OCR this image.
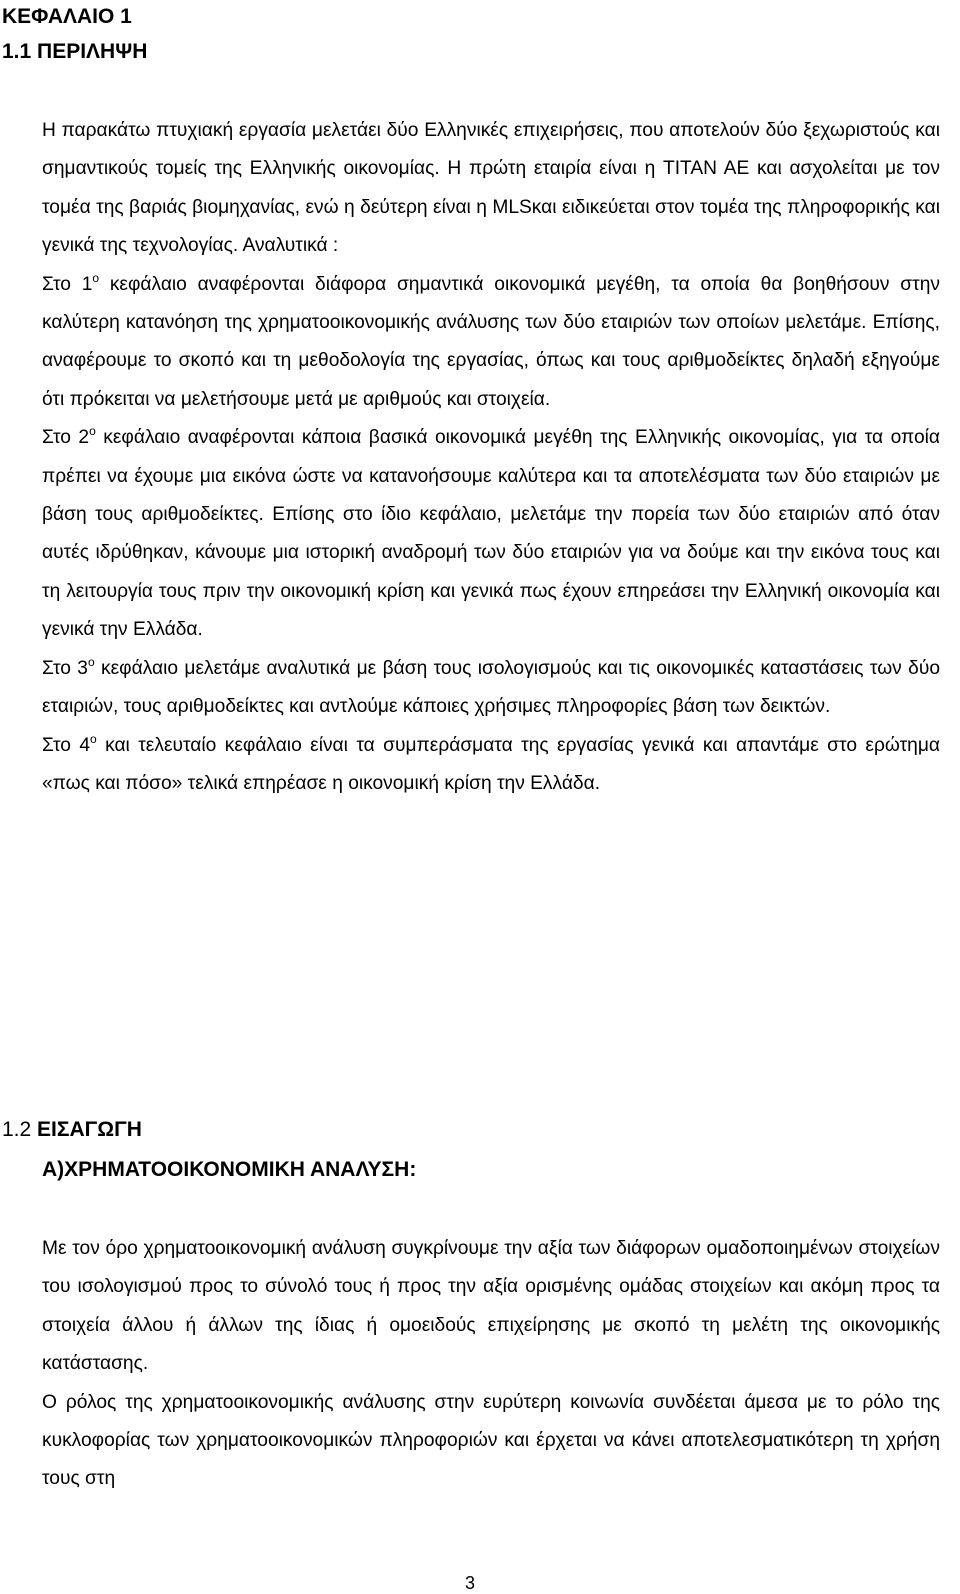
ΚΕΦΑΛΑΙΟ 1
1.1 ΠΕΡΙΛΗΨΗ

Η παρακάτω πτυχιακή εργασία μελετάει δύο Ελληνικές επιχειρήσεις, που αποτελούν δύο ξεχωριστούς και σημαντικούς τομείς της Ελληνικής οικονομίας. Η πρώτη εταιρία είναι η TITAN AE και ασχολείται με τον τομέα της βαριάς βιομηχανίας, ενώ η δεύτερη είναι η MLSκαι ειδικεύεται στον τομέα της πληροφορικής και γενικά της τεχνολογίας. Αναλυτικά :

Στο $1^o$ κεφάλαιο αναφέρονται διάφορα σημαντικά οικονομικά μεγέθη, τα οποία θα βοηθήσουν στην καλύτερη κατανόηση της χρηματοοικονομικής ανάλυσης των δύο εταιριών των οποίων μελετάμε. Επίσης, αναφέρουμε το σκοπό και τη μεθοδολογία της εργασίας, όπως και τους αριθμοδείκτες δηλαδή εξηγούμε ότι πρόκειται να μελετήσουμε μετά με αριθμούς και στοιχεία.

Στο $2^o$ κεφάλαιο αναφέρονται κάποια βασικά οικονομικά μεγέθη της Ελληνικής οικονομίας, για τα οποία πρέπει να έχουμε μια εικόνα ώστε να κατανοήσουμε καλύτερα και τα αποτελέσματα των δύο εταιριών με βάση τους αριθμοδείκτες. Επίσης στο ίδιο κεφάλαιο, μελετάμε την πορεία των δύο εταιριών από όταν αυτές ιδρύθηκαν, κάνουμε μια ιστορική αναδρομή των δύο εταιριών για να δούμε και την εικόνα τους και τη λειτουργία τους πριν την οικονομική κρίση και γενικά πως έχουν επηρεάσει την Ελληνική οικονομία και γενικά την Ελλάδα.

Στο $3^o$ κεφάλαιο μελετάμε αναλυτικά με βάση τους ισολογισμούς και τις οικονομικές καταστάσεις των δύο εταιριών, τους αριθμοδείκτες και αντλούμε κάποιες χρήσιμες πληροφορίες βάση των δεικτών.

Στο $4^o$ και τελευταίο κεφάλαιο είναι τα συμπεράσματα της εργασίας γενικά και απαντάμε στο ερώτημα «πως και πόσο» τελικά επηρέασε η οικονομική κρίση την Ελλάδα.

1.2 ΕΙΣΑΓΩΓΗ
Α)ΧΡΗΜΑΤΟΟΙΚΟΝΟΜΙΚΗ ΑΝΑΛΥΣΗ:

Με τον όρο χρηματοοικονομική ανάλυση συγκρίνουμε την αξία των διάφορων ομαδοποιημένων στοιχείων του ισολογισμού προς το σύνολό τους ή προς την αξία ορισμένης ομάδας στοιχείων και ακόμη προς τα στοιχεία άλλου ή άλλων της ίδιας ή ομοειδούς επιχείρησης με σκοπό τη μελέτη της οικονομικής κατάστασης.

Ο ρόλος της χρηματοοικονομικής ανάλυσης στην ευρύτερη κοινωνία συνδέεται άμεσα με το ρόλο της κυκλοφορίας των χρηματοοικονομικών πληροφοριών και έρχεται να κάνει αποτελεσματικότερη τη χρήση τους στη

3
